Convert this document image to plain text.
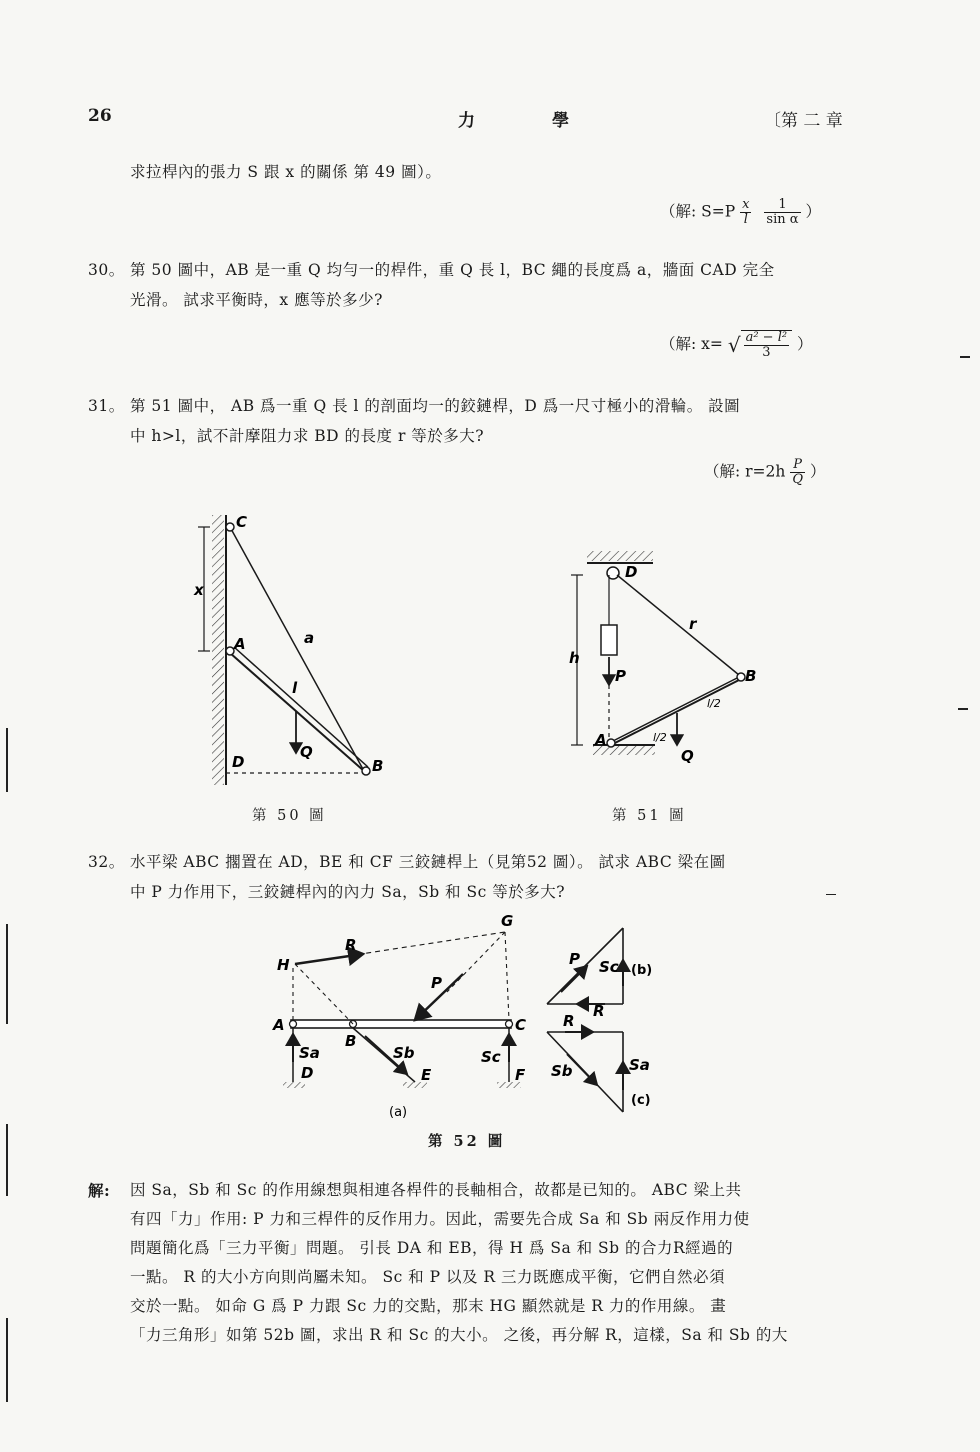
26	力	學	〔第 二 章
求拉桿內的張力 S 跟 x 的關係 第 49 圖）。
（解: $S=P \frac{x}{l}$
$\frac{1}{\text{sin α}}$ ）
30。 第 50 圖中，AB 是一重 Q 均勻一的桿件，重 Q 長 l，BC 繩的長度爲 a，牆面 CAD 完全
光滑。 試求平衡時，x 應等於多少?
（解: x= √ $\frac{\text{a² − l²}}{3}$ ）
31。 第 51 圖中， AB 爲一重 Q 長 l 的剖面均一的鉸鏈桿，D 爲一尺寸極小的滑輪。 設圖
中 h>l，試不計摩阻力求 BD 的長度 r 等於多大?
（解: $r=2h \frac{P}{Q}$ ）
C
A
B
D
x
a
l
Q
第 50 圖
D
A
B
h
P
r
Q
l/2
l/2
第 51 圖
32。 水平梁 ABC 擱置在 AD，BE 和 CF 三鉸鏈桿上（見第52 圖）。 試求 ABC 梁在圖
中 P 力作用下，三鉸鏈桿內的內力 Sa，Sb 和 Sc 等於多大?
G
H
R
P
A
B
C
D	E	F
Sa	Sb	Sc
(a)
P Sc
R
(b)
R
Sa
Sb
(c)
第 52 圖
解: 因 Sa，Sb 和 Sc 的作用線想與相連各桿件的長軸相合，故都是已知的。 ABC 梁上共
有四「力」作用: P 力和三桿件的反作用力。因此，需要先合成 Sa 和 Sb 兩反作用力使
問題簡化爲「三力平衡」問題。 引長 DA 和 EB，得 H 爲 Sa 和 Sb 的合力R經過的
一點。 R 的大小方向則尚屬未知。 Sc 和 P 以及 R 三力既應成平衡，它們自然必須
交於一點。 如命 G 爲 P 力跟 Sc 力的交點，那末 HG 顯然就是 R 力的作用線。 畫
「力三角形」如第 52b 圖，求出 R 和 Sc 的大小。 之後，再分解 R，這樣，Sa 和 Sb 的大
